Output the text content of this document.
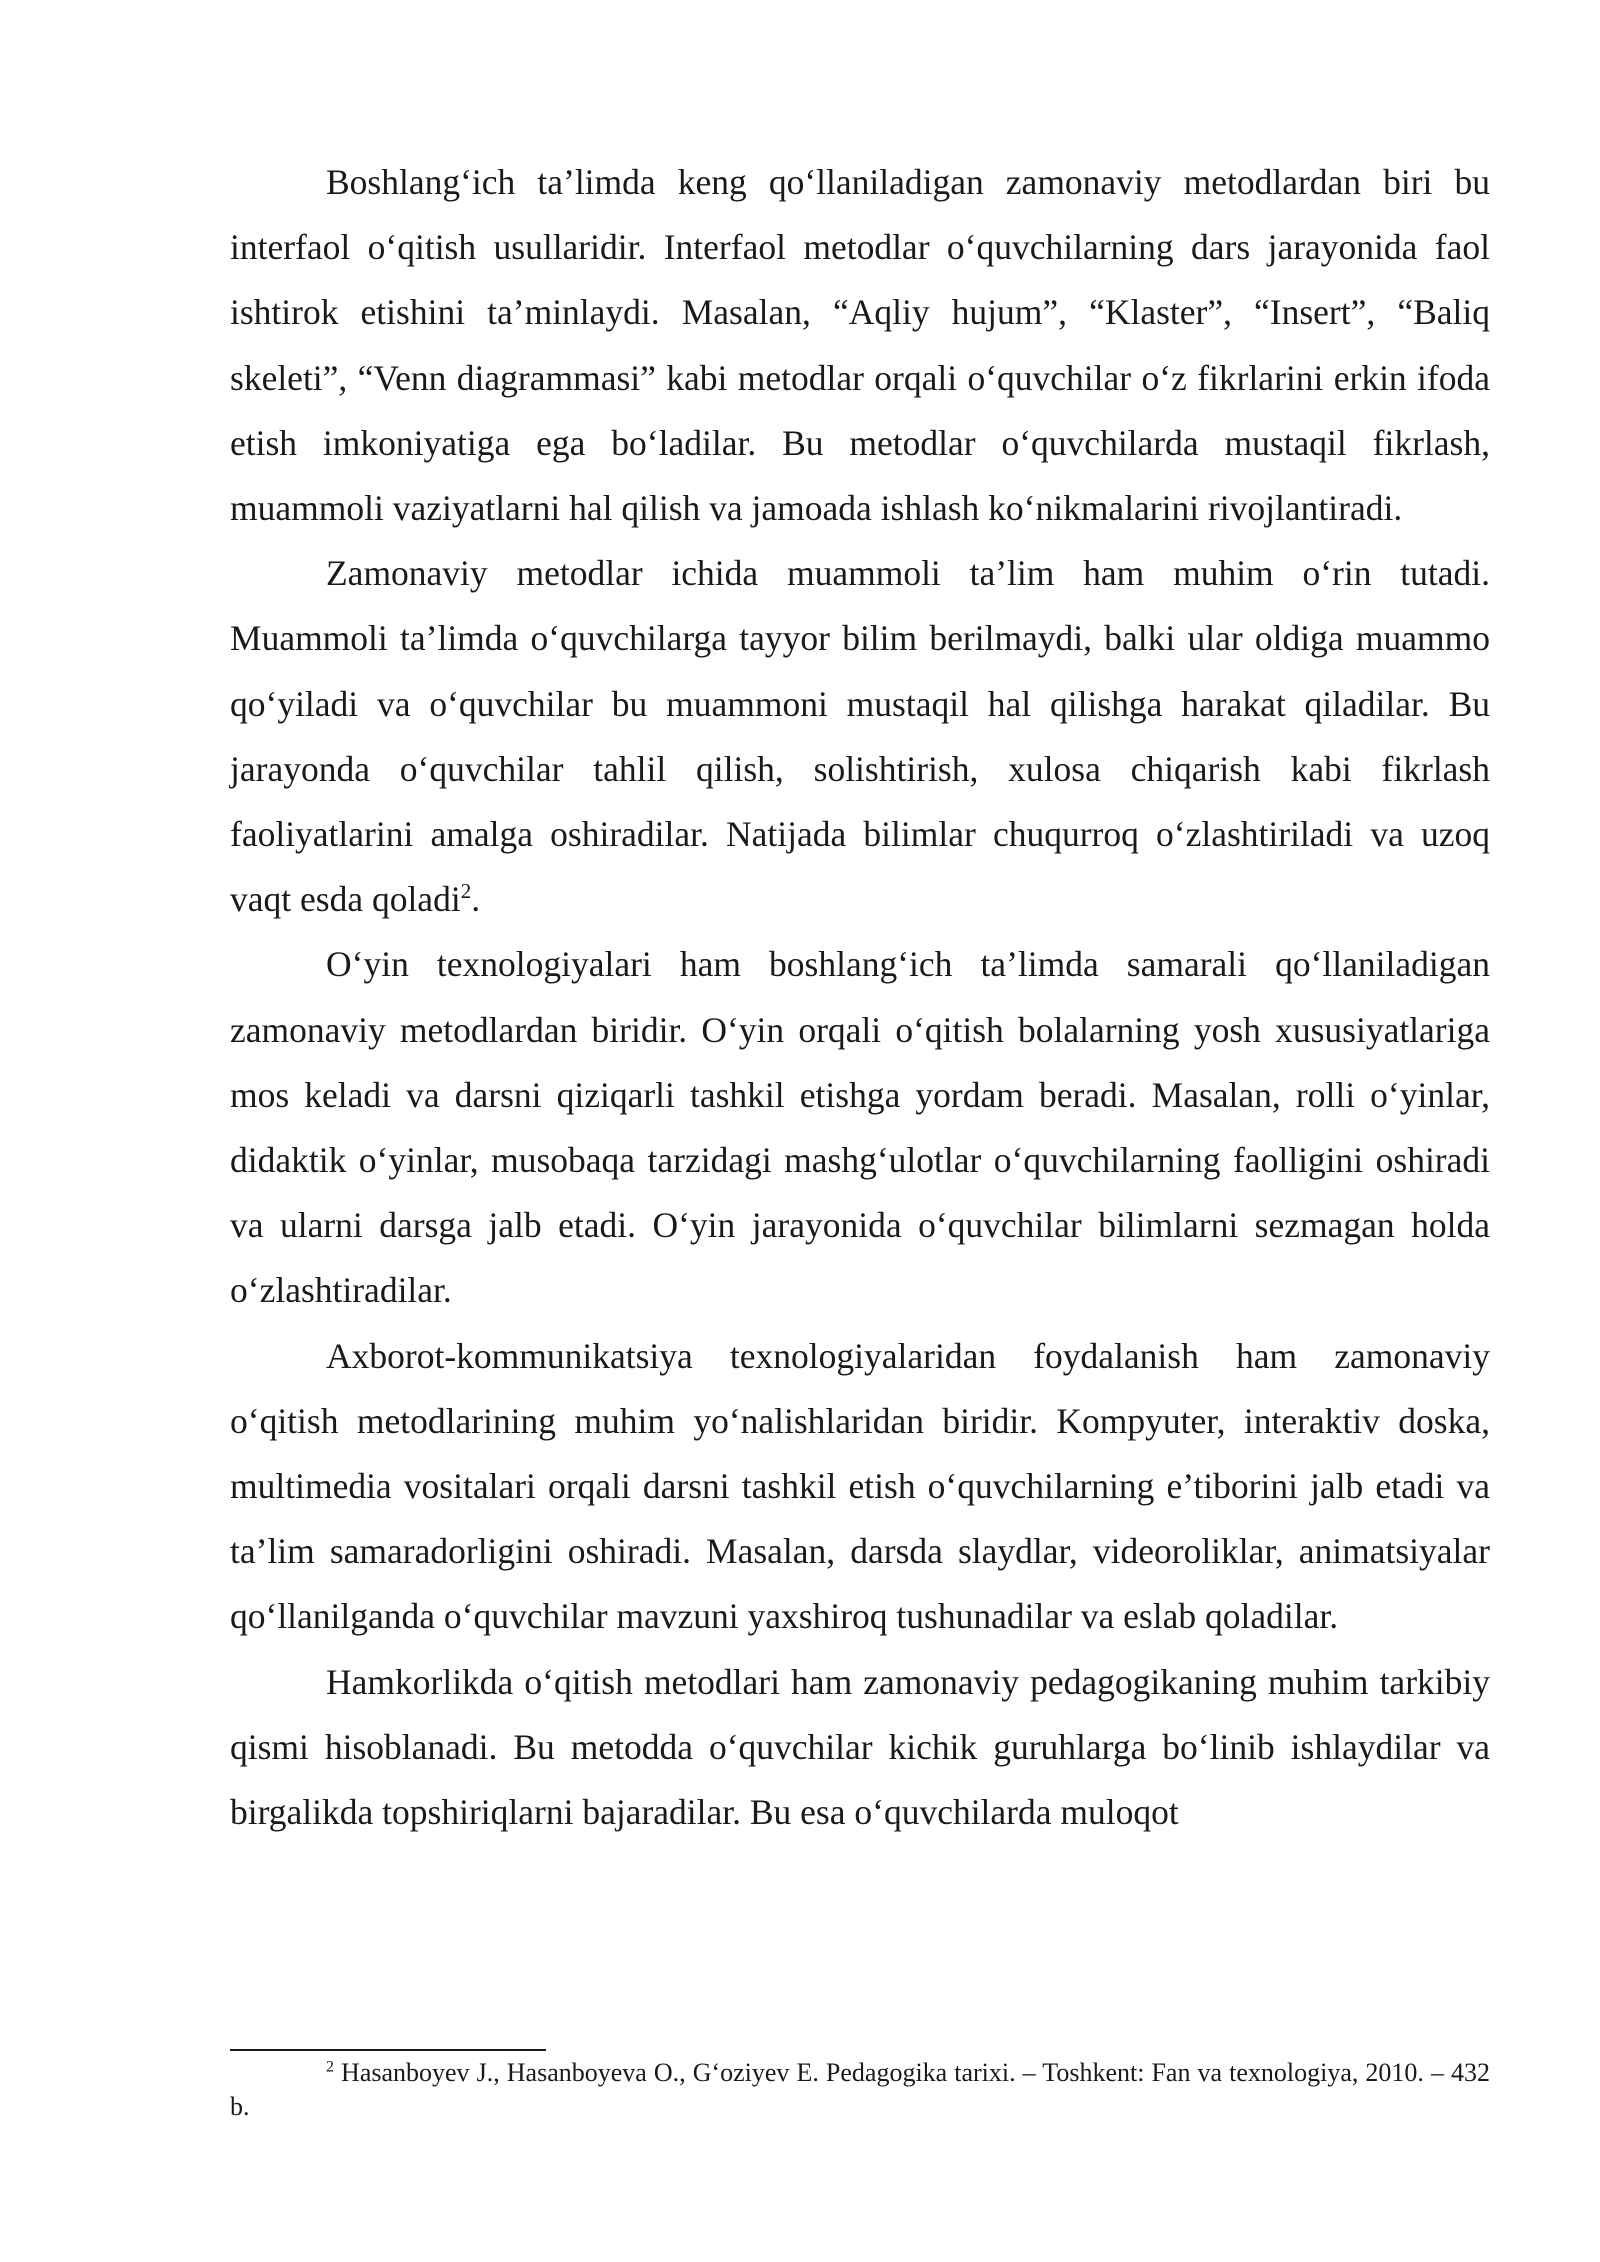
Boshlang‘ich ta’limda keng qo‘llaniladigan zamonaviy metodlardan biri bu interfaol o‘qitish usullaridir. Interfaol metodlar o‘quvchilarning dars jarayonida faol ishtirok etishini ta’minlaydi. Masalan, “Aqliy hujum”, “Klaster”, “Insert”, “Baliq skeleti”, “Venn diagrammasi” kabi metodlar orqali o‘quvchilar o‘z fikrlarini erkin ifoda etish imkoniyatiga ega bo‘ladilar. Bu metodlar o‘quvchilarda mustaqil fikrlash, muammoli vaziyatlarni hal qilish va jamoada ishlash ko‘nikmalarini rivojlantiradi.

Zamonaviy metodlar ichida muammoli ta’lim ham muhim o‘rin tutadi. Muammoli ta’limda o‘quvchilarga tayyor bilim berilmaydi, balki ular oldiga muammo qo‘yiladi va o‘quvchilar bu muammoni mustaqil hal qilishga harakat qiladilar. Bu jarayonda o‘quvchilar tahlil qilish, solishtirish, xulosa chiqarish kabi fikrlash faoliyatlarini amalga oshiradilar. Natijada bilimlar chuqurroq o‘zlashtiriladi va uzoq vaqt esda qoladi$^2$.

O‘yin texnologiyalari ham boshlang‘ich ta’limda samarali qo‘llaniladigan zamonaviy metodlardan biridir. O‘yin orqali o‘qitish bolalarning yosh xususiyatlariga mos keladi va darsni qiziqarli tashkil etishga yordam beradi. Masalan, rolli o‘yinlar, didaktik o‘yinlar, musobaqa tarzidagi mashg‘ulotlar o‘quvchilarning faolligini oshiradi va ularni darsga jalb etadi. O‘yin jarayonida o‘quvchilar bilimlarni sezmagan holda o‘zlashtiradilar.

Axborot-kommunikatsiya texnologiyalaridan foydalanish ham zamonaviy o‘qitish metodlarining muhim yo‘nalishlaridan biridir. Kompyuter, interaktiv doska, multimedia vositalari orqali darsni tashkil etish o‘quvchilarning e’tiborini jalb etadi va ta’lim samaradorligini oshiradi. Masalan, darsda slaydlar, videoroliklar, animatsiyalar qo‘llanilganda o‘quvchilar mavzuni yaxshiroq tushunadilar va eslab qoladilar.

Hamkorlikda o‘qitish metodlari ham zamonaviy pedagogikaning muhim tarkibiy qismi hisoblanadi. Bu metodda o‘quvchilar kichik guruhlarga bo‘linib ishlaydilar va birgalikda topshiriqlarni bajaradilar. Bu esa o‘quvchilarda muloqot

$^2$ Hasanboyev J., Hasanboyeva O., G‘oziyev E. Pedagogika tarixi. – Toshkent: Fan va texnologiya, 2010. – 432 b.
